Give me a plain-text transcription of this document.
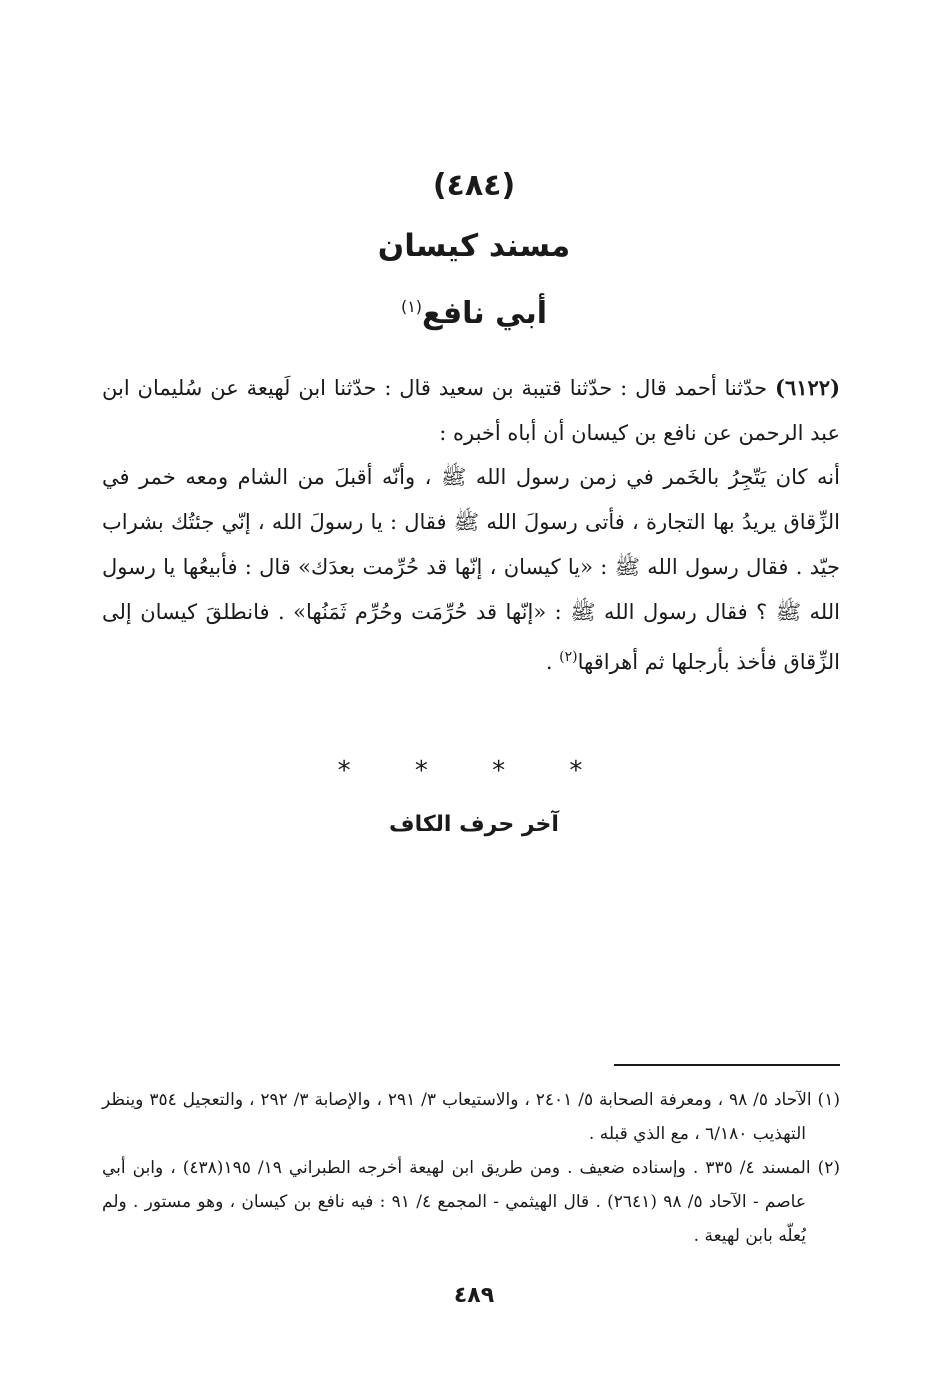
(٤٨٤)
مسند كيسان
أبي نافع$^{(١)}$
(٦١٢٢) حدّثنا أحمد قال : حدّثنا قتيبة بن سعيد قال : حدّثنا ابن لَهيعة عن سُليمان ابن عبد الرحمن عن نافع بن كيسان أن أباه أخبره :
أنه كان يَتّجِرُ بالخَمر في زمن رسول الله ﷺ ، وأنّه أقبلَ من الشام ومعه خمر في الزِّقاق يريدُ بها التجارة ، فأتى رسولَ الله ﷺ فقال : يا رسولَ الله ، إنّي جئتُك بشراب جيّد . فقال رسول الله ﷺ : «يا كيسان ، إنّها قد حُرِّمت بعدَك» قال : فأبيعُها يا رسول الله ﷺ ؟ فقال رسول الله ﷺ : «إنّها قد حُرِّمَت وحُرِّم ثَمَنُها» . فانطلقَ كيسان إلى الزِّقاق فأخذ بأرجلها ثم أهراقها$^{(٢)}$ .
* * * *
آخر حرف الكاف
(١) الآحاد ٥/ ٩٨ ، ومعرفة الصحابة ٥/ ٢٤٠١ ، والاستيعاب ٣/ ٢٩١ ، والإصابة ٣/ ٢٩٢ ، والتعجيل ٣٥٤ وينظر التهذيب ٦/١٨٠ ، مع الذي قبله .
(٢) المسند ٤/ ٣٣٥ . وإسناده ضعيف . ومن طريق ابن لهيعة أخرجه الطبراني ١٩/ ١٩٥(٤٣٨) ، وابن أبي عاصم - الآحاد ٥/ ٩٨ (٢٦٤١) . قال الهيثمي - المجمع ٤/ ٩١ : فيه نافع بن كيسان ، وهو مستور . ولم يُعلّه بابن لهيعة .
٤٨٩
